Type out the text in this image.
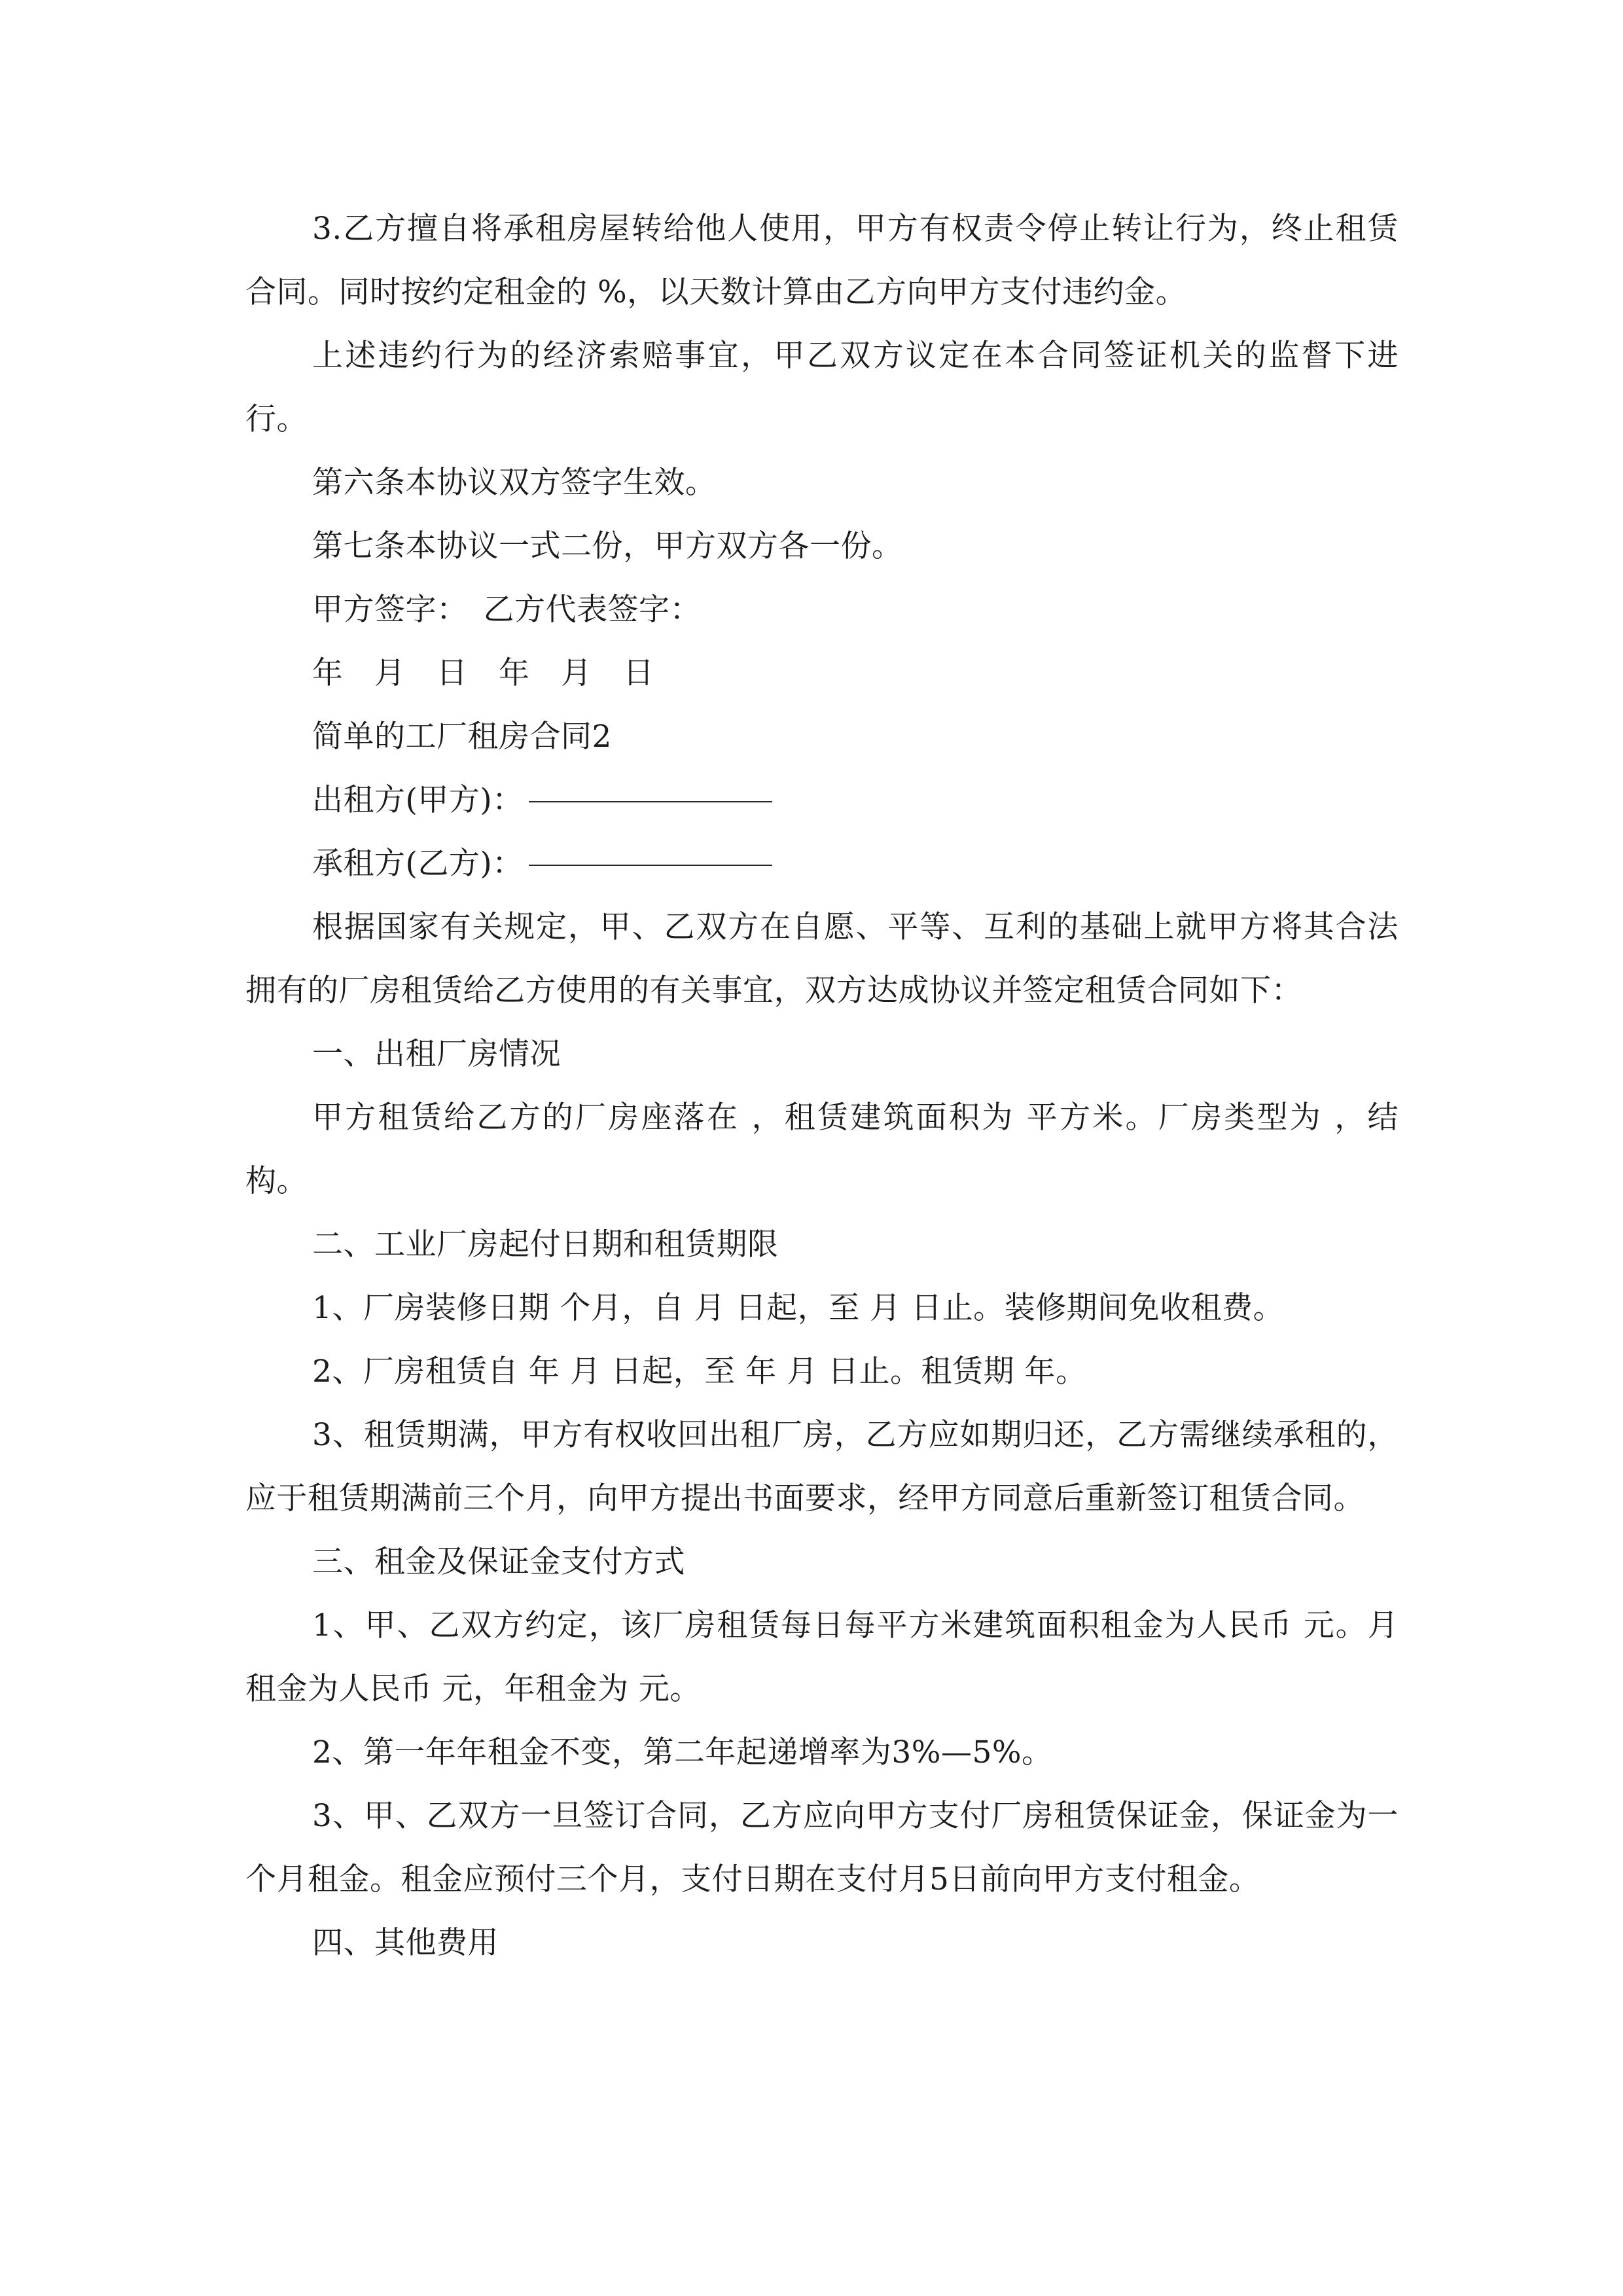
3.乙方擅自将承租房屋转给他人使用，甲方有权责令停止转让行为，终止租赁合同。同时按约定租金的 %，以天数计算由乙方向甲方支付违约金。

上述违约行为的经济索赔事宜，甲乙双方议定在本合同签证机关的监督下进行。

第六条本协议双方签字生效。

第七条本协议一式二份，甲方双方各一份。

甲方签字：　乙方代表签字：

年　月　日　年　月　日

简单的工厂租房合同2

出租方(甲方)：

承租方(乙方)：

根据国家有关规定，甲、乙双方在自愿、平等、互利的基础上就甲方将其合法拥有的厂房租赁给乙方使用的有关事宜，双方达成协议并签定租赁合同如下：

一、出租厂房情况

甲方租赁给乙方的厂房座落在 ，租赁建筑面积为 平方米。厂房类型为 ，结构。

二、工业厂房起付日期和租赁期限

1、厂房装修日期 个月，自 月 日起，至 月 日止。装修期间免收租费。

2、厂房租赁自 年 月 日起，至 年 月 日止。租赁期 年。

3、租赁期满，甲方有权收回出租厂房，乙方应如期归还，乙方需继续承租的，应于租赁期满前三个月，向甲方提出书面要求，经甲方同意后重新签订租赁合同。

三、租金及保证金支付方式

1、甲、乙双方约定，该厂房租赁每日每平方米建筑面积租金为人民币 元。月租金为人民币 元，年租金为 元。

2、第一年年租金不变，第二年起递增率为3%—5%。

3、甲、乙双方一旦签订合同，乙方应向甲方支付厂房租赁保证金，保证金为一个月租金。租金应预付三个月，支付日期在支付月5日前向甲方支付租金。

四、其他费用
